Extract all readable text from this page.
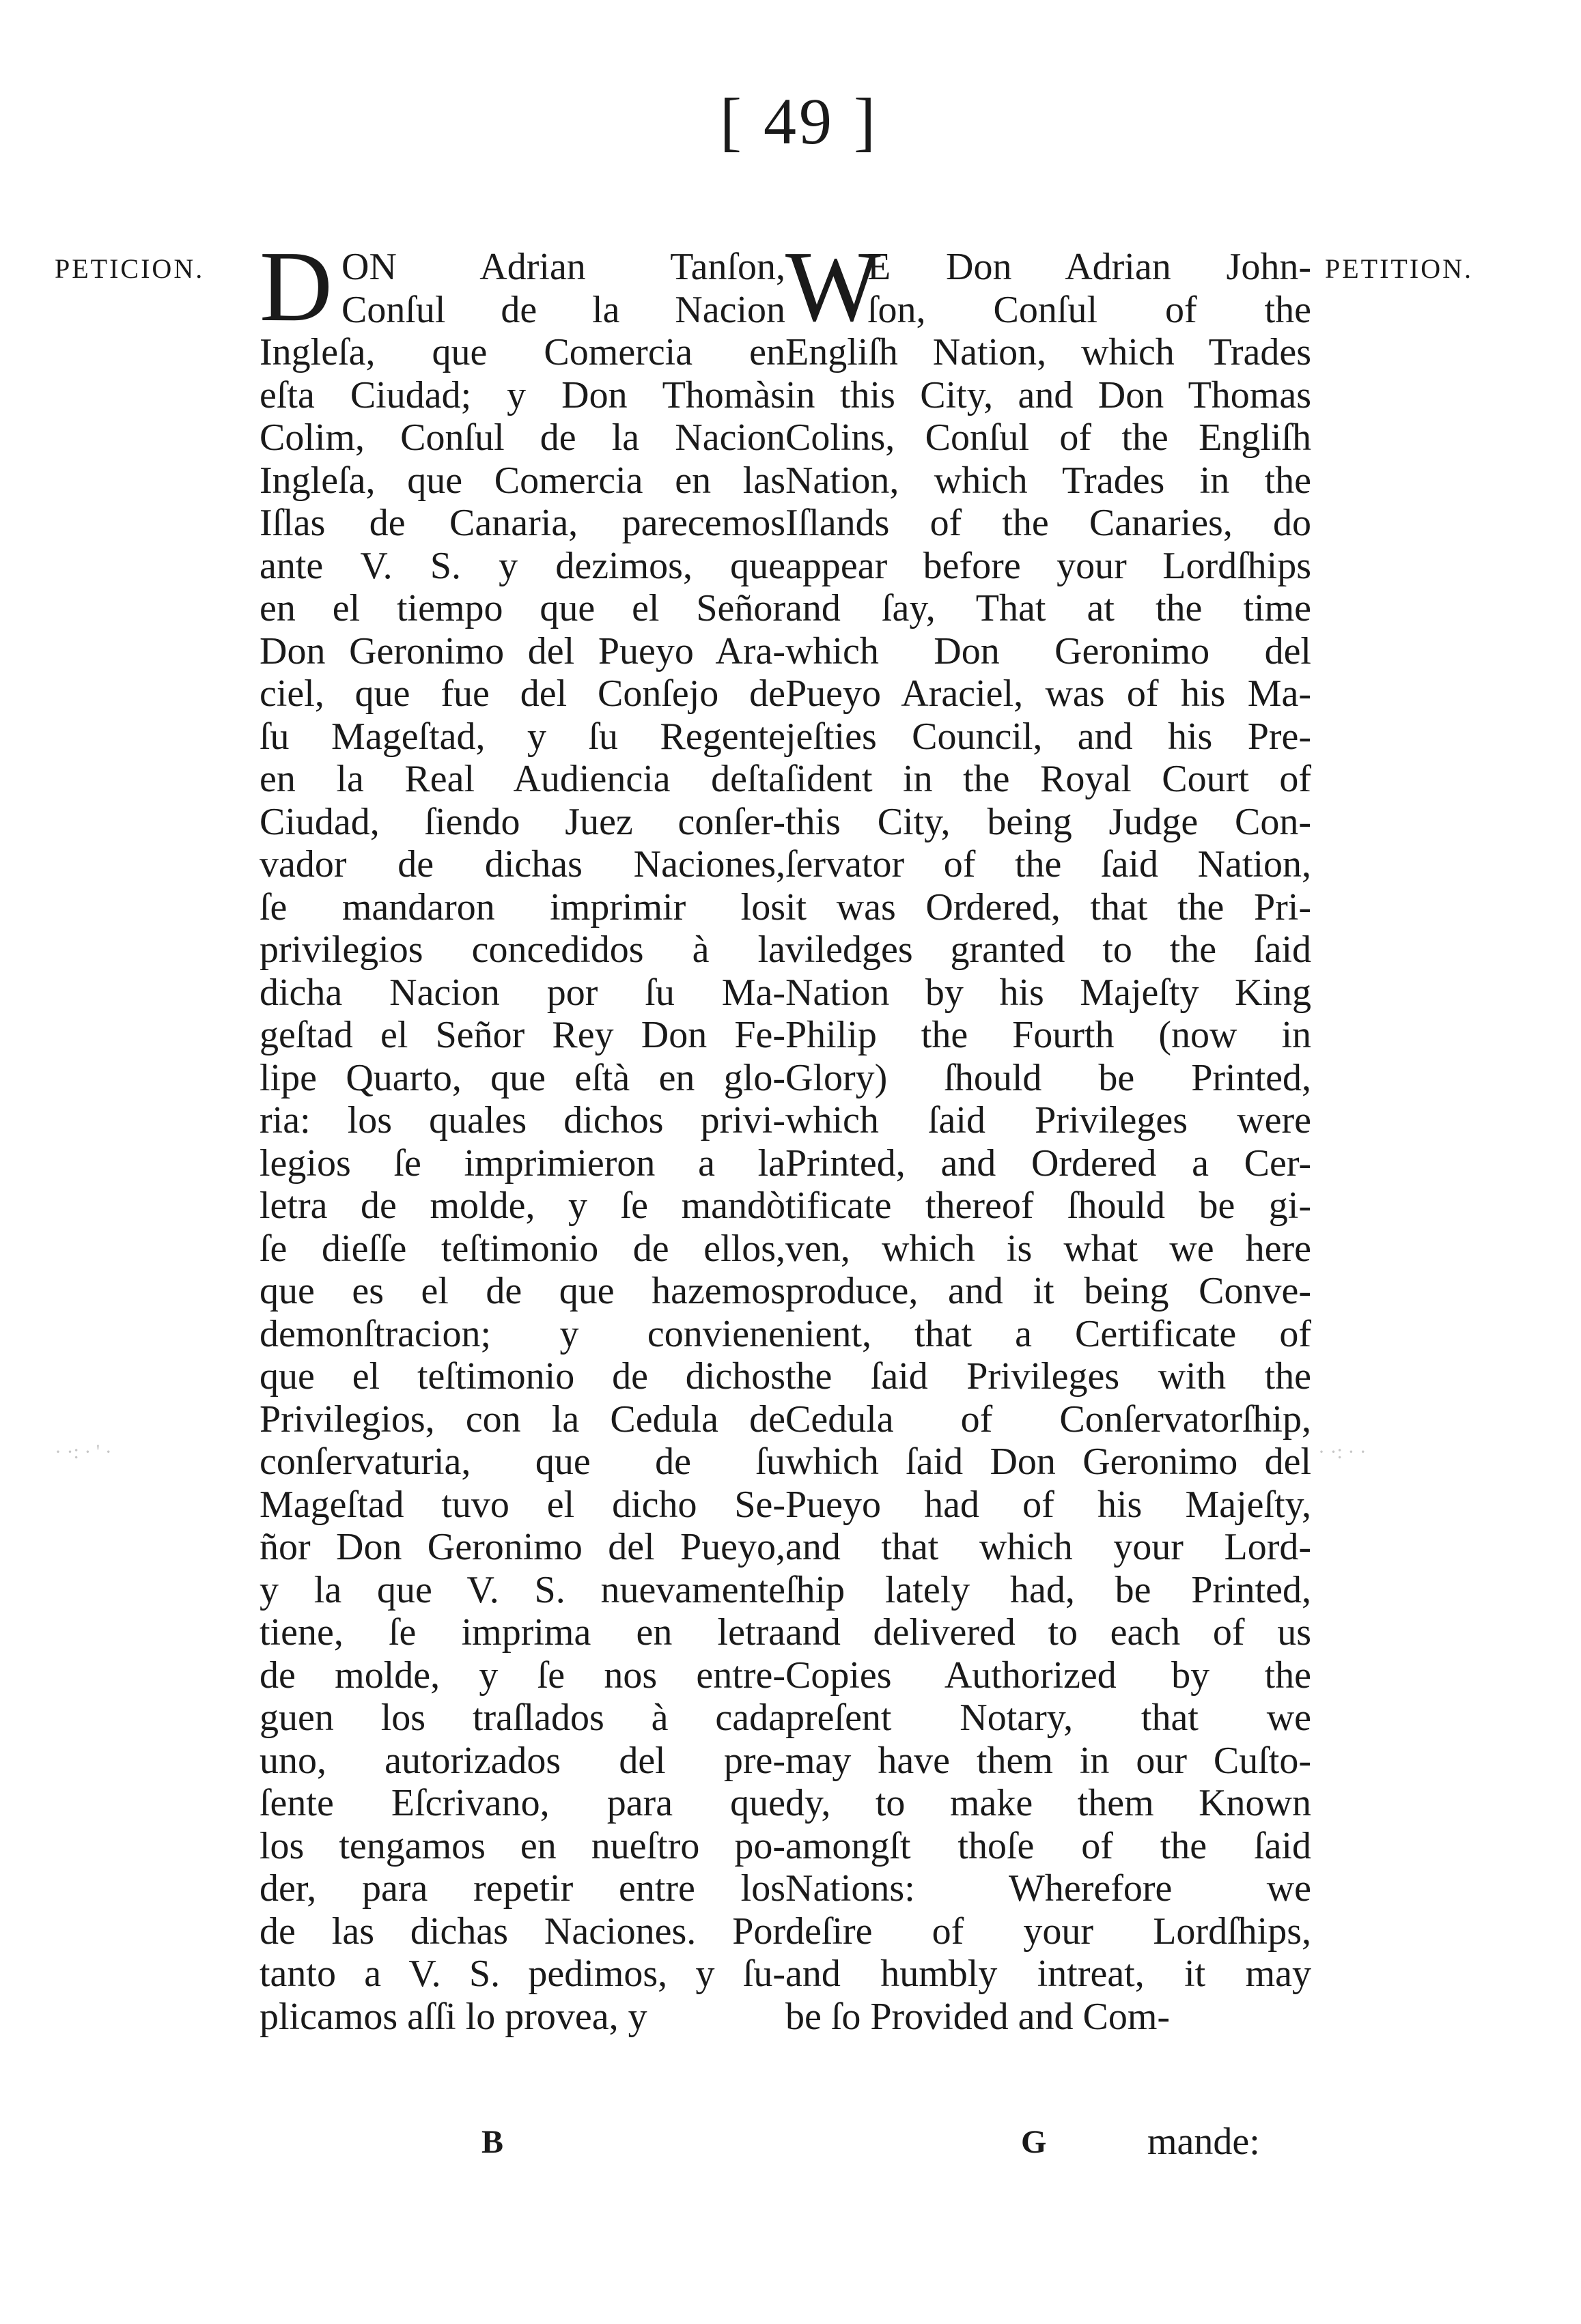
[ 49 ]
PETICION.	PETITION.
D	W
ON Adrian Tanſon,
Conſul de la Nacion
Ingleſa, que Comercia en
eſta Ciudad; y Don Thomàs
Colim, Conſul de la Nacion
Ingleſa, que Comercia en las
Iſlas de Canaria, parecemos
ante V. S. y dezimos, que
en el tiempo que el Señor
Don Geronimo del Pueyo Ara-
ciel, que fue del Conſejo de
ſu Mageſtad, y ſu Regente
en la Real Audiencia deſta
Ciudad, ſiendo Juez conſer-
vador de dichas Naciones,
ſe mandaron imprimir los
privilegios concedidos à la
dicha Nacion por ſu Ma-
geſtad el Señor Rey Don Fe-
lipe Quarto, que eſtà en glo-
ria: los quales dichos privi-
legios ſe imprimieron a la
letra de molde, y ſe mandò
ſe dieſſe teſtimonio de ellos,
que es el de que hazemos
demonſtracion; y conviene
que el teſtimonio de dichos
Privilegios, con la Cedula de
conſervaturia, que de ſu
Mageſtad tuvo el dicho Se-
ñor Don Geronimo del Pueyo,
y la que V. S. nuevamente
tiene, ſe imprima en letra
de molde, y ſe nos entre-
guen los traſlados à cada
uno, autorizados del pre-
ſente Eſcrivano, para que
los tengamos en nueſtro po-
der, para repetir entre los
de las dichas Naciones. Por
tanto a V. S. pedimos, y ſu-
plicamos aſſi lo provea, y
E Don Adrian John-
ſon, Conſul of the
Engliſh Nation, which Trades
in this City, and Don Thomas
Colins, Conſul of the Engliſh
Nation, which Trades in the
Iſlands of the Canaries, do
appear before your Lordſhips
and ſay, That at the time
which Don Geronimo del
Pueyo Araciel, was of his Ma-
jeſties Council, and his Pre-
ſident in the Royal Court of
this City, being Judge Con-
ſervator of the ſaid Nation,
it was Ordered, that the Pri-
viledges granted to the ſaid
Nation by his Majeſty King
Philip the Fourth (now in
Glory) ſhould be Printed,
which ſaid Privileges were
Printed, and Ordered a Cer-
tificate thereof ſhould be gi-
ven, which is what we here
produce, and it being Conve-
nient, that a Certificate of
the ſaid Privileges with the
Cedula of Conſervatorſhip,
which ſaid Don Geronimo del
Pueyo had of his Majeſty,
and that which your Lord-
ſhip lately had, be Printed,
and delivered to each of us
Copies Authorized by the
preſent Notary, that we
may have them in our Cuſto-
dy, to make them Known
amongſt thoſe of the ſaid
Nations: Wherefore we
deſire of your Lordſhips,
and humbly intreat, it may
be ſo Provided and Com-
B	G	mande:
· ·: · ' ·	· ·: · ·
